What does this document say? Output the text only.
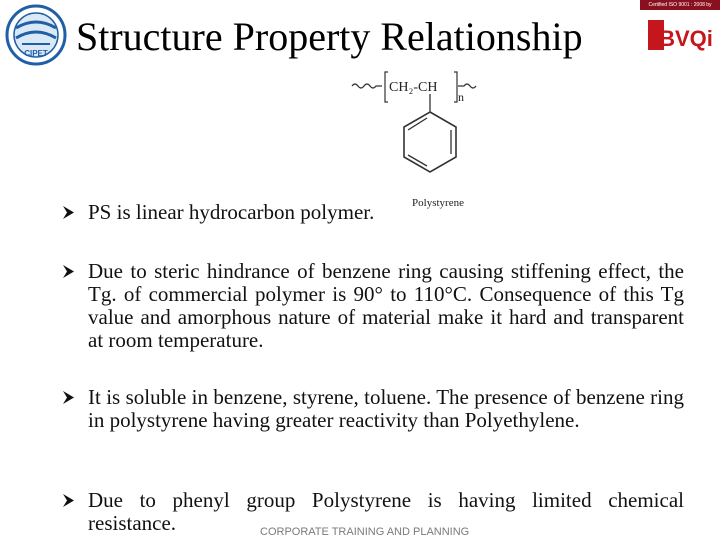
CIPET
Certified ISO 9001 : 2008 by
BVQi
Structure Property Relationship
CH₂-CH
n
Polystyrene
PS is linear hydrocarbon polymer.
Due to steric hindrance of benzene ring causing stiffening effect, the Tg. of commercial polymer is 90° to 110°C. Consequence of this Tg value and amorphous nature of material make it hard and transparent at room temperature.
It is soluble in benzene, styrene, toluene. The presence of benzene ring in polystyrene having greater reactivity than Polyethylene.
Due to phenyl group Polystyrene is having limited chemical resistance.	CORPORATE TRAINING AND PLANNING
